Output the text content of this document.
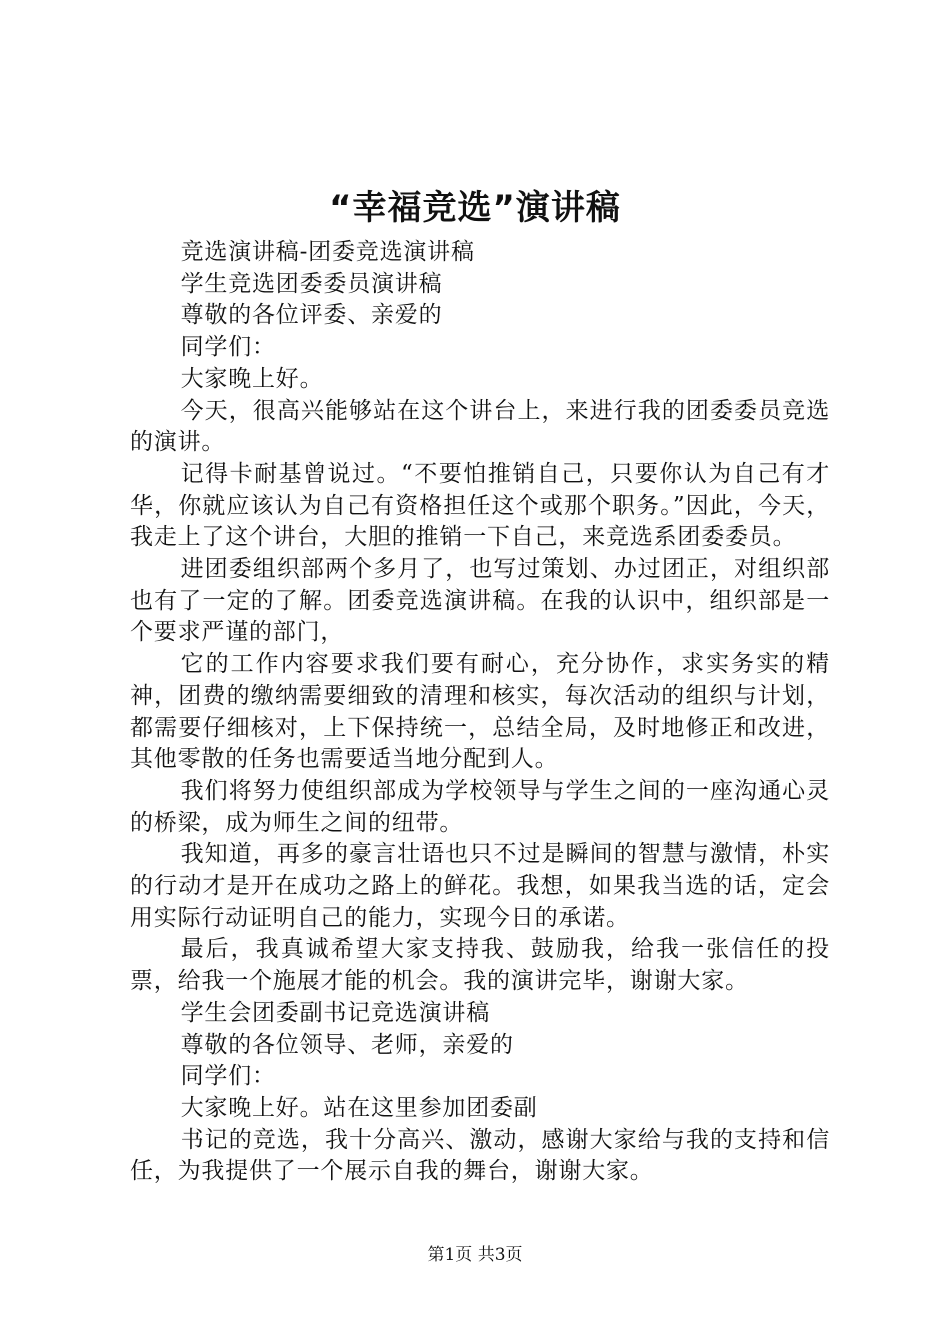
“幸福竞选”演讲稿

竞选演讲稿-团委竞选演讲稿

学生竞选团委委员演讲稿

尊敬的各位评委、亲爱的

同学们：

大家晚上好。

今天，很高兴能够站在这个讲台上，来进行我的团委委员竞选的演讲。

记得卡耐基曾说过。“不要怕推销自己，只要你认为自己有才华，你就应该认为自己有资格担任这个或那个职务。”因此，今天，我走上了这个讲台，大胆的推销一下自己，来竞选系团委委员。

进团委组织部两个多月了，也写过策划、办过团正，对组织部也有了一定的了解。团委竞选演讲稿。在我的认识中，组织部是一个要求严谨的部门，

它的工作内容要求我们要有耐心，充分协作，求实务实的精神，团费的缴纳需要细致的清理和核实，每次活动的组织与计划，都需要仔细核对，上下保持统一，总结全局，及时地修正和改进，其他零散的任务也需要适当地分配到人。

我们将努力使组织部成为学校领导与学生之间的一座沟通心灵的桥梁，成为师生之间的纽带。

我知道，再多的豪言壮语也只不过是瞬间的智慧与激情，朴实的行动才是开在成功之路上的鲜花。我想，如果我当选的话，定会用实际行动证明自己的能力，实现今日的承诺。

最后，我真诚希望大家支持我、鼓励我，给我一张信任的投票，给我一个施展才能的机会。我的演讲完毕，谢谢大家。

学生会团委副书记竞选演讲稿

尊敬的各位领导、老师，亲爱的

同学们：

大家晚上好。站在这里参加团委副

书记的竞选，我十分高兴、激动，感谢大家给与我的支持和信任，为我提供了一个展示自我的舞台，谢谢大家。

第1页 共3页
